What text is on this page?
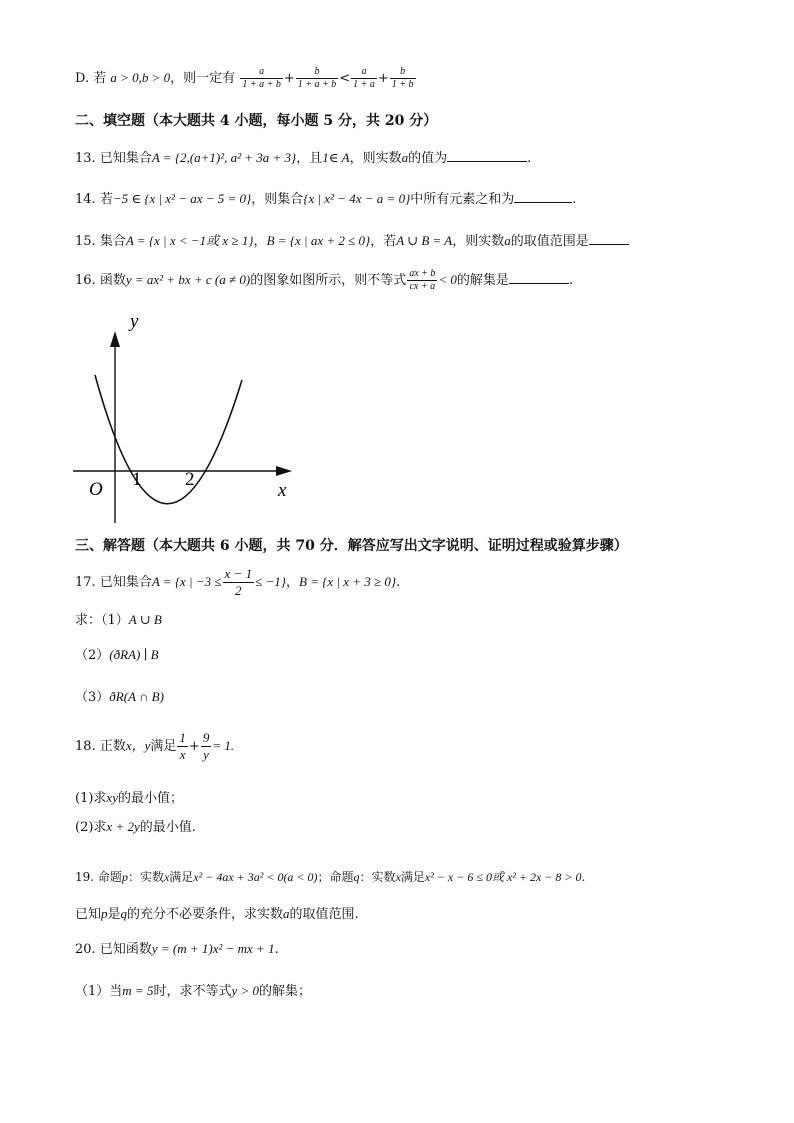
D. 若 a > 0,b > 0，则一定有 $\frac{a}{1 + a + b} + \frac{b}{1 + a + b} < \frac{a}{1 + a} + \frac{b}{1 + b}$
二、填空题（本大题共 4 小题，每小题 5 分，共 20 分）
13. 已知集合A = {2,(a+1)², a² + 3a + 3}，且1∈ A，则实数a的值为	.
14. 若−5 ∈ {x | x² − ax − 5 = 0}，则集合{x | x² − 4x − a = 0}中所有元素之和为	.
15. 集合A = {x | x < −1或 x ≥ 1}，B = {x | ax + 2 ≤ 0}，若A ∪ B = A，则实数a的取值范围是
16. 函数y = ax² + bx + c (a ≠ 0)的图象如图所示，则不等式 $\frac{ax + b}{cx + a} < 0$的解集是	.
y
x
O 1 2
三、解答题（本大题共 6 小题，共 70 分．解答应写出文字说明、证明过程或验算步骤）
17. 已知集合A = {x | $-3 \le \frac{x - 1}{2} \le -1$}，B = {x | x + 3 ≥ 0}.
求：（1）A ∪ B
（2）(ðRA) ∣ B
（3）ðR(A ∩ B)
18. 正数x，y满足 $\frac{1}{x} + \frac{9}{y} = 1$.
(1)求xy的最小值；
(2)求x + 2y的最小值．
19. 命题p：实数x满足x² − 4ax + 3a² < 0(a < 0)；命题q：实数x满足x² − x − 6 ≤ 0或 x² + 2x − 8 > 0.
已知p是q的充分不必要条件，求实数a的取值范围.
20. 已知函数y = (m + 1)x² − mx + 1.
（1）当m = 5时，求不等式y > 0的解集；
